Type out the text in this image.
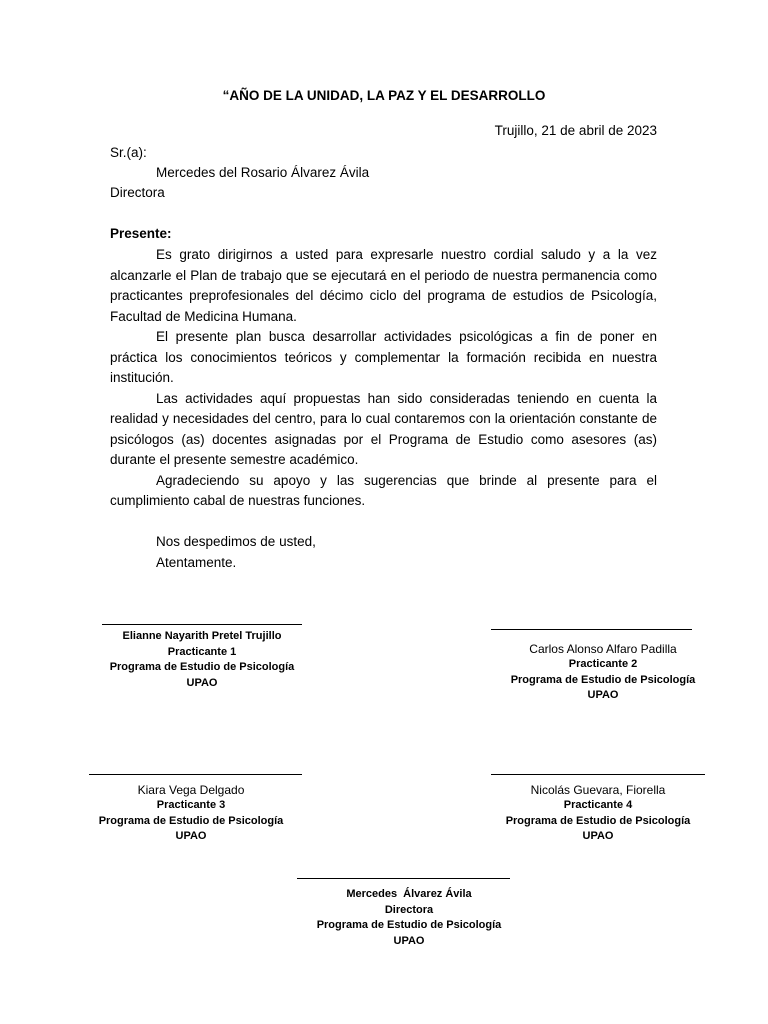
“AÑO DE LA UNIDAD, LA PAZ Y EL DESARROLLO
Trujillo, 21 de abril de 2023
Sr.(a):
Mercedes del Rosario Álvarez Ávila
Directora
Presente:

Es grato dirigirnos a usted para expresarle nuestro cordial saludo y a la vez alcanzarle el Plan de trabajo que se ejecutará en el periodo de nuestra permanencia como practicantes preprofesionales del décimo ciclo del programa de estudios de Psicología, Facultad de Medicina Humana.

El presente plan busca desarrollar actividades psicológicas a fin de poner en práctica los conocimientos teóricos y complementar la formación recibida en nuestra institución.

Las actividades aquí propuestas han sido consideradas teniendo en cuenta la realidad y necesidades del centro, para lo cual contaremos con la orientación constante de psicólogos (as) docentes asignadas por el Programa de Estudio como asesores (as) durante el presente semestre académico.

Agradeciendo su apoyo y las sugerencias que brinde al presente para el cumplimiento cabal de nuestras funciones.

Nos despedimos de usted,
Atentamente.
Elianne Nayarith Pretel Trujillo
Practicante 1
Programa de Estudio de Psicología
UPAO
Carlos Alonso Alfaro Padilla
Practicante 2
Programa de Estudio de Psicología
UPAO
Kiara Vega Delgado
Practicante 3
Programa de Estudio de Psicología
UPAO
Nicolás Guevara, Fiorella
Practicante 4
Programa de Estudio de Psicología
UPAO
Mercedes  Álvarez Ávila
Directora
Programa de Estudio de Psicología
UPAO
